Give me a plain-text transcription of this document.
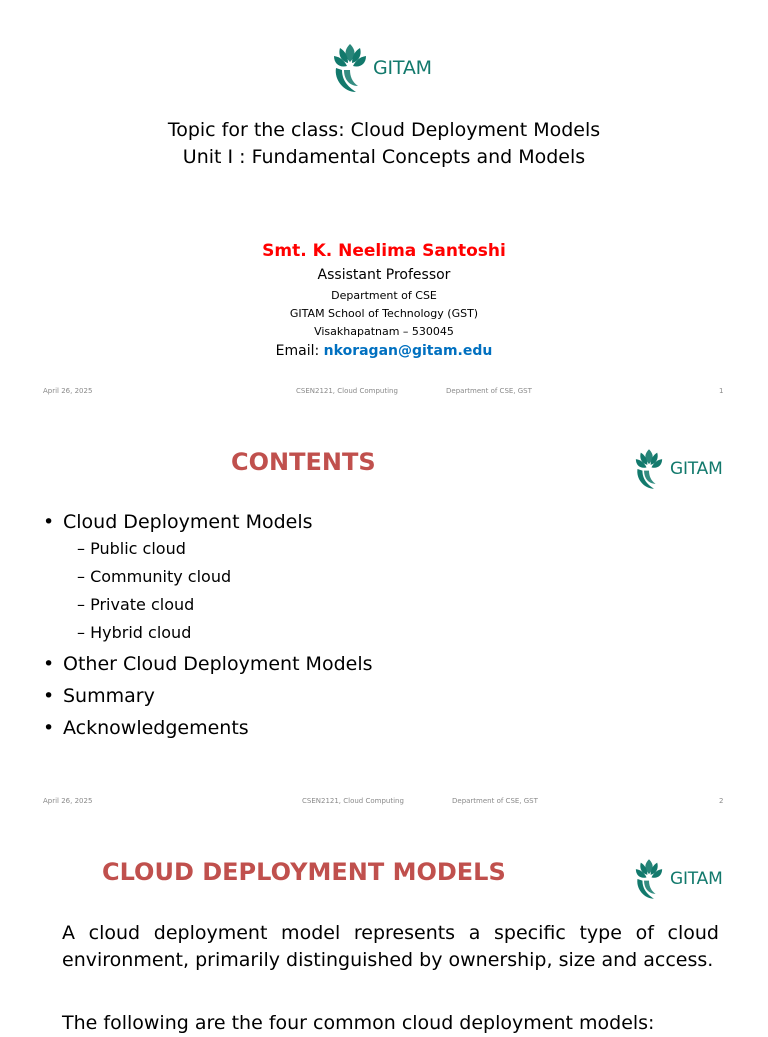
GITAM
Topic for the class: Cloud Deployment Models
Unit I : Fundamental Concepts and Models
Smt. K. Neelima Santoshi
Assistant Professor
Department of CSE
GITAM School of Technology (GST)
Visakhapatnam – 530045
Email: nkoragan@gitam.edu
April 26, 2025	CSEN2121, Cloud Computing	Department of CSE, GST	1
CONTENTS	GITAM
• Cloud Deployment Models
– Public cloud
– Community cloud
– Private cloud
– Hybrid cloud
• Other Cloud Deployment Models
• Summary
• Acknowledgements
April 26, 2025	CSEN2121, Cloud Computing	Department of CSE, GST	2
CLOUD DEPLOYMENT MODELS	GITAM
A cloud deployment model represents a specific type of cloud environment, primarily distinguished by ownership, size and access.
The following are the four common cloud deployment models:
